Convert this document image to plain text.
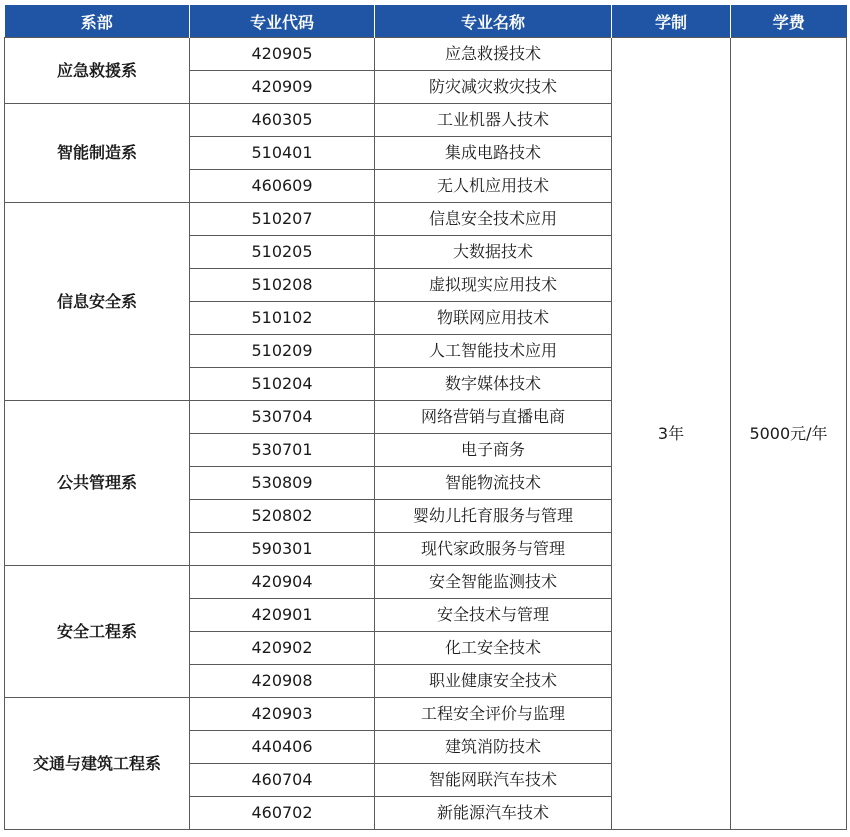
系部	专业代码	专业名称	学制	学费
应急救援系	420905	应急救援技术	3年	5000元/年
	420909	防灾减灾救灾技术		
智能制造系	460305	工业机器人技术		
	510401	集成电路技术		
	460609	无人机应用技术		
信息安全系	510207	信息安全技术应用		
	510205	大数据技术		
	510208	虚拟现实应用技术		
	510102	物联网应用技术		
	510209	人工智能技术应用		
	510204	数字媒体技术		
公共管理系	530704	网络营销与直播电商		
	530701	电子商务		
	530809	智能物流技术		
	520802	婴幼儿托育服务与管理		
	590301	现代家政服务与管理		
安全工程系	420904	安全智能监测技术		
	420901	安全技术与管理		
	420902	化工安全技术		
	420908	职业健康安全技术		
交通与建筑工程系	420903	工程安全评价与监理		
	440406	建筑消防技术		
	460704	智能网联汽车技术		
	460702	新能源汽车技术		
